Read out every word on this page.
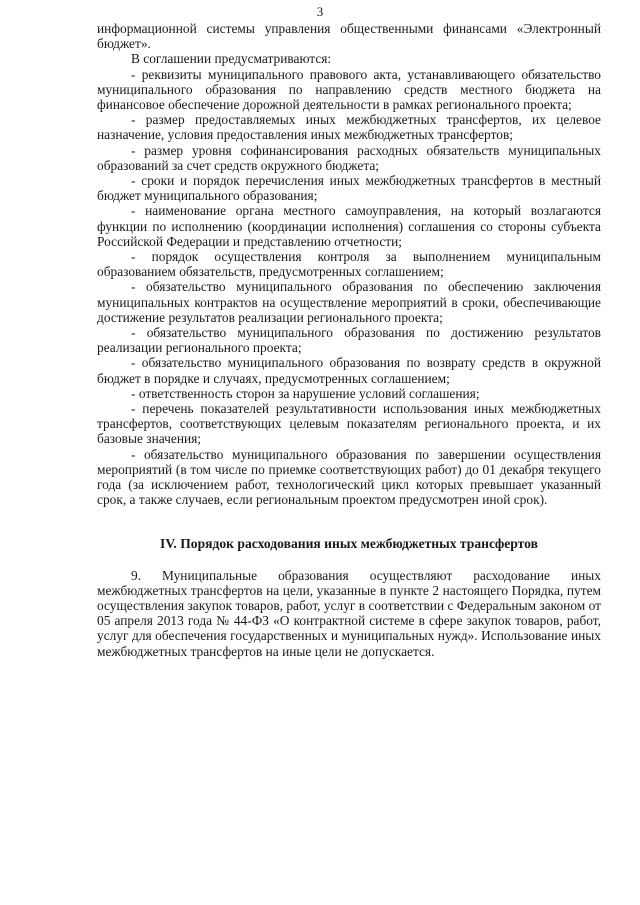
3

информационной системы управления общественными финансами «Электронный бюджет».

В соглашении предусматриваются:

- реквизиты муниципального правового акта, устанавливающего обязательство муниципального образования по направлению средств местного бюджета на финансовое обеспечение дорожной деятельности в рамках регионального проекта;

- размер предоставляемых иных межбюджетных трансфертов, их целевое назначение, условия предоставления иных межбюджетных трансфертов;

- размер уровня софинансирования расходных обязательств муниципальных образований за счет средств окружного бюджета;

- сроки и порядок перечисления иных межбюджетных трансфертов в местный бюджет муниципального образования;

- наименование органа местного самоуправления, на который возлагаются функции по исполнению (координации исполнения) соглашения со стороны субъекта Российской Федерации и представлению отчетности;

- порядок осуществления контроля за выполнением муниципальным образованием обязательств, предусмотренных соглашением;

- обязательство муниципального образования по обеспечению заключения муниципальных контрактов на осуществление мероприятий в сроки, обеспечивающие достижение результатов реализации регионального проекта;

- обязательство муниципального образования по достижению результатов реализации регионального проекта;

- обязательство муниципального образования по возврату средств в окружной бюджет в порядке и случаях, предусмотренных соглашением;

- ответственность сторон за нарушение условий соглашения;

- перечень показателей результативности использования иных межбюджетных трансфертов, соответствующих целевым показателям регионального проекта, и их базовые значения;

- обязательство муниципального образования по завершении осуществления мероприятий (в том числе по приемке соответствующих работ) до 01 декабря текущего года (за исключением работ, технологический цикл которых превышает указанный срок, а также случаев, если региональным проектом предусмотрен иной срок).

IV. Порядок расходования иных межбюджетных трансфертов

9. Муниципальные образования осуществляют расходование иных межбюджетных трансфертов на цели, указанные в пункте 2 настоящего Порядка, путем осуществления закупок товаров, работ, услуг в соответствии с Федеральным законом от 05 апреля 2013 года № 44-ФЗ «О контрактной системе в сфере закупок товаров, работ, услуг для обеспечения государственных и муниципальных нужд». Использование иных межбюджетных трансфертов на иные цели не допускается.
